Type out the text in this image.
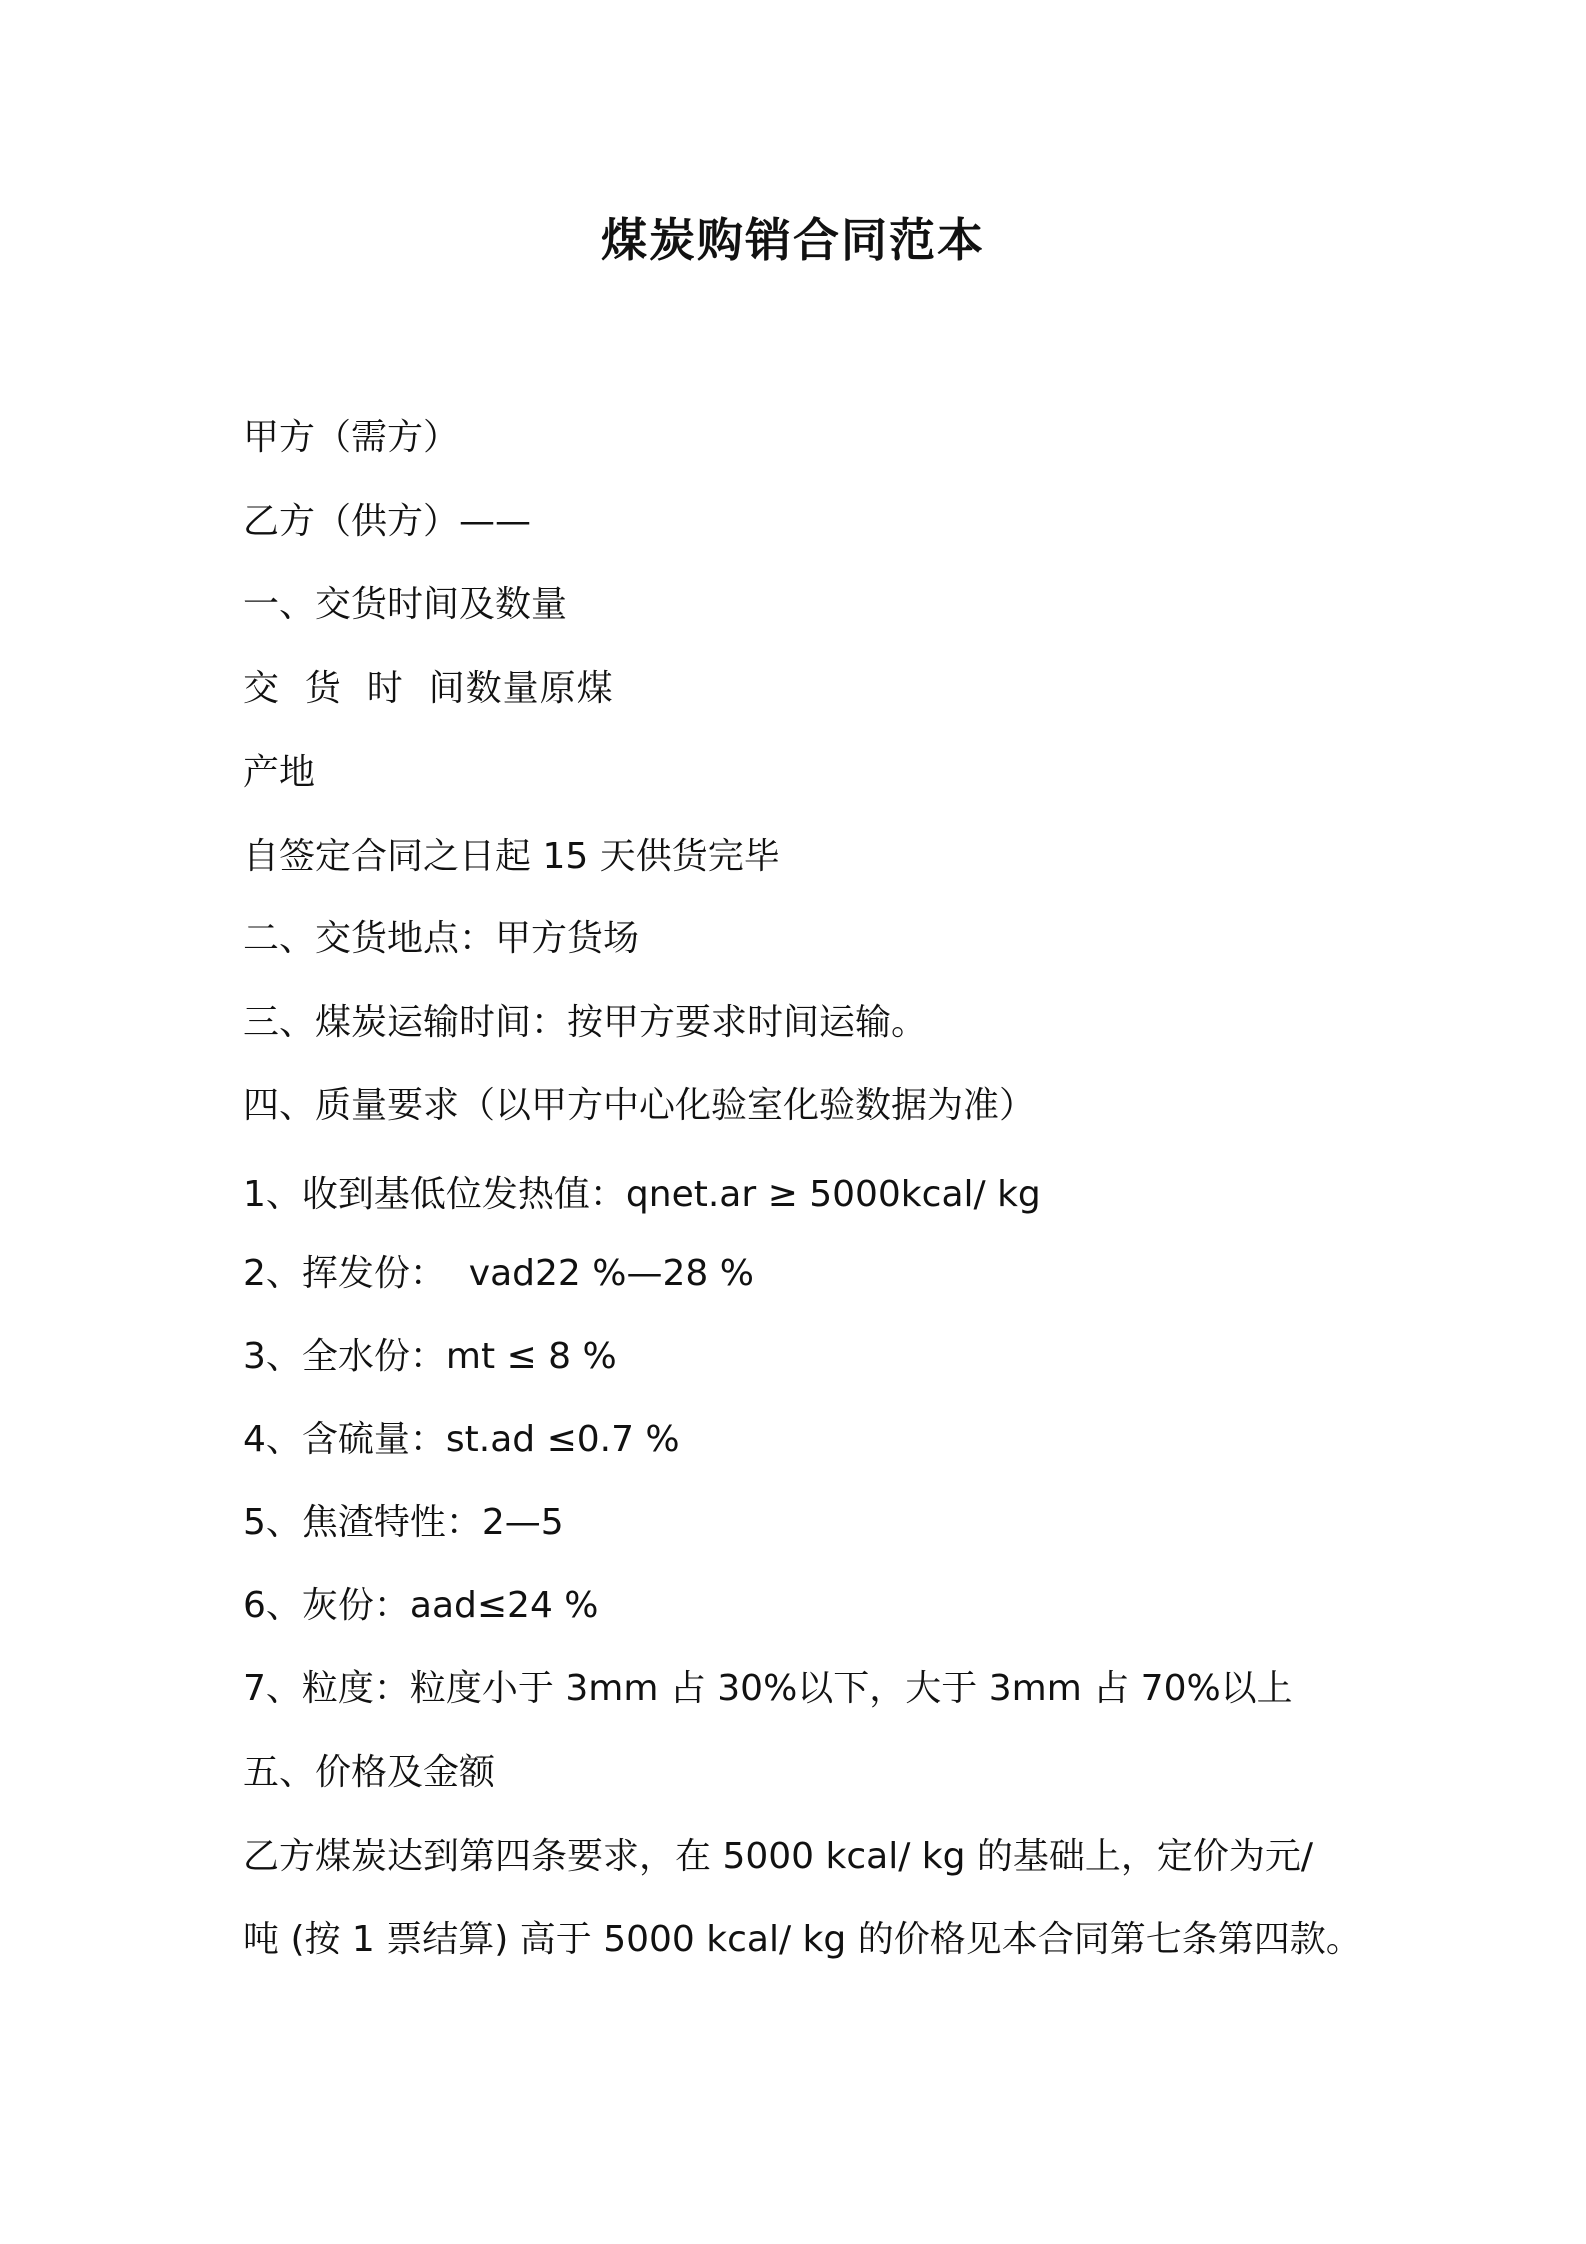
煤炭购销合同范本

甲方（需方）

乙方（供方）——

一、交货时间及数量

交  货  时  间数量原煤

产地

自签定合同之日起 15 天供货完毕

二、交货地点：甲方货场

三、煤炭运输时间：按甲方要求时间运输。

四、质量要求（以甲方中心化验室化验数据为准）

1、收到基低位发热值：qnet.ar ≥ 5000kcal/ kg

2、挥发份：  vad22 %—28 %

3、全水份：mt ≤ 8 %

4、含硫量：st.ad ≤0.7 %

5、焦渣特性：2—5

6、灰份：aad≤24 %

7、粒度：粒度小于 3mm 占 30%以下，大于 3mm 占 70%以上

五、价格及金额

乙方煤炭达到第四条要求，在 5000 kcal/ kg 的基础上，定价为元/

吨 (按 1 票结算) 高于 5000 kcal/ kg 的价格见本合同第七条第四款。
